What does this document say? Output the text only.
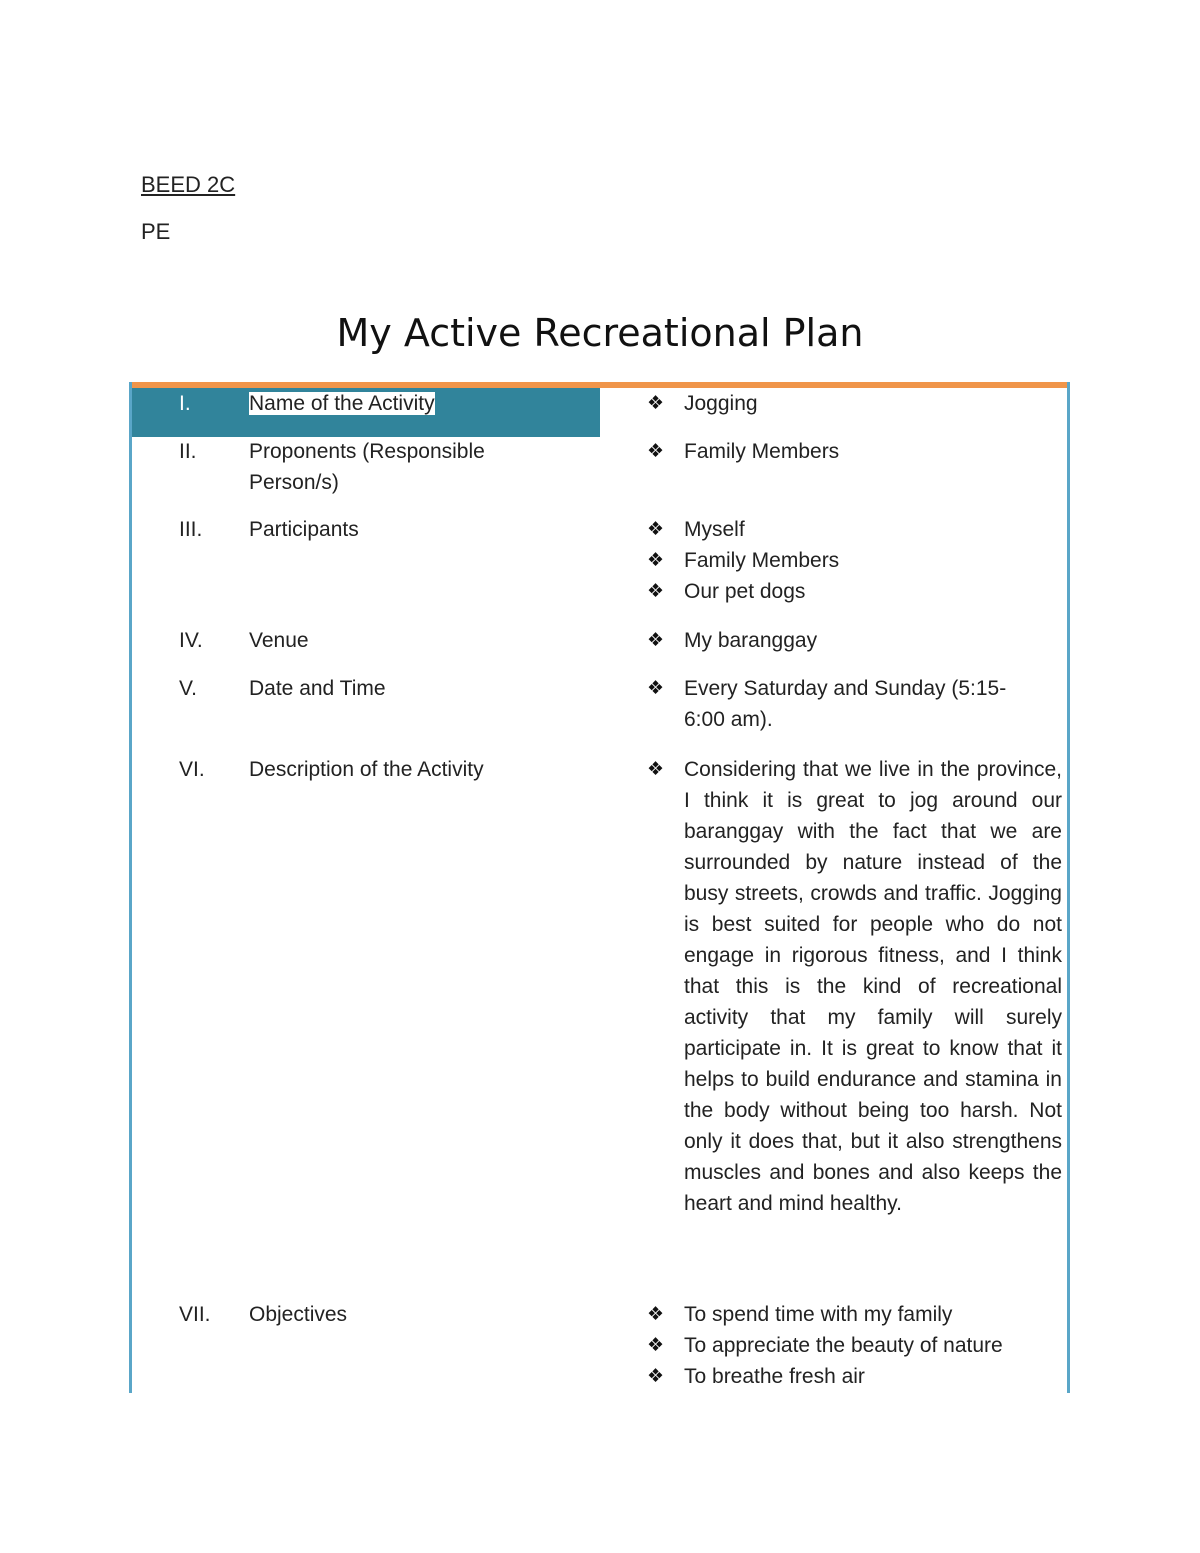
BEED 2C
PE
My Active Recreational Plan
I.	Name of the Activity	❖ Jogging
II.	Proponents (Responsible Person/s)
❖ Family Members
III.	Participants	❖ Myself
❖ Family Members
❖ Our pet dogs
IV.	Venue	❖ My baranggay
V.	Date and Time	❖ Every Saturday and Sunday (5:15-6:00 am).
VI.	Description of the Activity	❖ Considering that we live in the province, I think it is great to jog around our baranggay with the fact that we are surrounded by nature instead of the busy streets, crowds and traffic. Jogging is best suited for people who do not engage in rigorous fitness, and I think that this is the kind of recreational activity that my family will surely participate in. It is great to know that it helps to build endurance and stamina in the body without being too harsh. Not only it does that, but it also strengthens muscles and bones and also keeps the heart and mind healthy.
VII.	Objectives	❖ To spend time with my family
❖ To appreciate the beauty of nature
❖ To breathe fresh air
